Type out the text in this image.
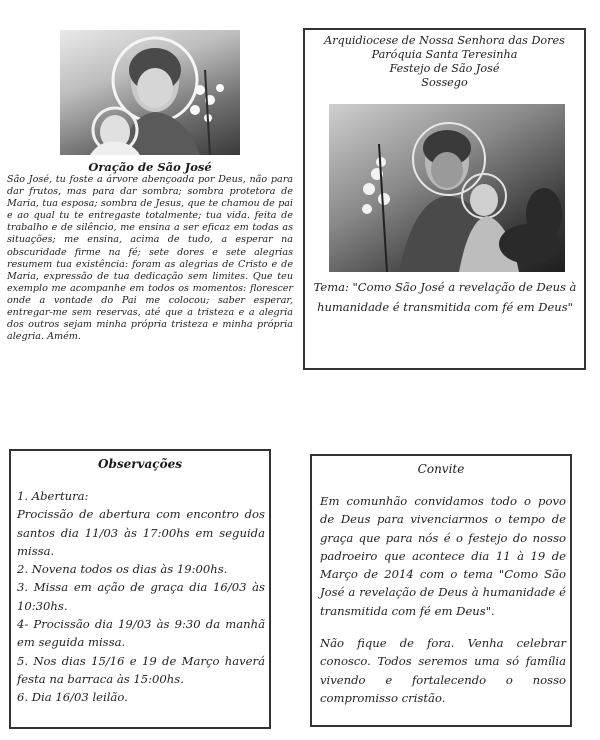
Oração de São José
São José, tu foste a árvore abençoada por Deus, não para dar frutos, mas para dar sombra; sombra protetora de Maria, tua esposa; sombra de Jesus, que te chamou de pai e ao qual tu te entregaste totalmente; tua vida. feita de trabalho e de silêncio, me ensina a ser eficaz em todas as situações; me ensina, acima de tudo, a esperar na obscuridade firme na fé; sete dores e sete alegrias resumem tua existência: foram as alegrias de Cristo e de Maria, expressão de tua dedicação sem limites. Que teu exemplo me acompanhe em todos os momentos: florescer onde a vontade do Pai me colocou; saber esperar, entregar-me sem reservas, até que a tristeza e a alegria dos outros sejam minha própria tristeza e minha própria alegria. Amém.
Arquidiocese de Nossa Senhora das Dores
Paróquia Santa Teresinha
Festejo de São José
Sossego
Tema: "Como São José a revelação de Deus à humanidade é transmitida com fé em Deus"
Observações
1. Abertura:
Procissão de abertura com encontro dos santos dia 11/03 às 17:00hs em seguida missa.
2. Novena todos os dias às 19:00hs.
3. Missa em ação de graça dia 16/03 às 10:30hs.
4- Procissão dia 19/03 às 9:30 da manhã em seguida missa.
5. Nos dias 15/16 e 19 de Março haverá festa na barraca às 15:00hs.
6. Dia 16/03 leilão.
Convite

Em comunhão convidamos todo o povo de Deus para vivenciarmos o tempo de graça que para nós é o festejo do nosso padroeiro que acontece dia 11 à 19 de Março de 2014 com o tema "Como São José a revelação de Deus à humanidade é transmitida com fé em Deus".

Não fique de fora. Venha celebrar conosco. Todos seremos uma só família vivendo e fortalecendo o nosso compromisso cristão.
